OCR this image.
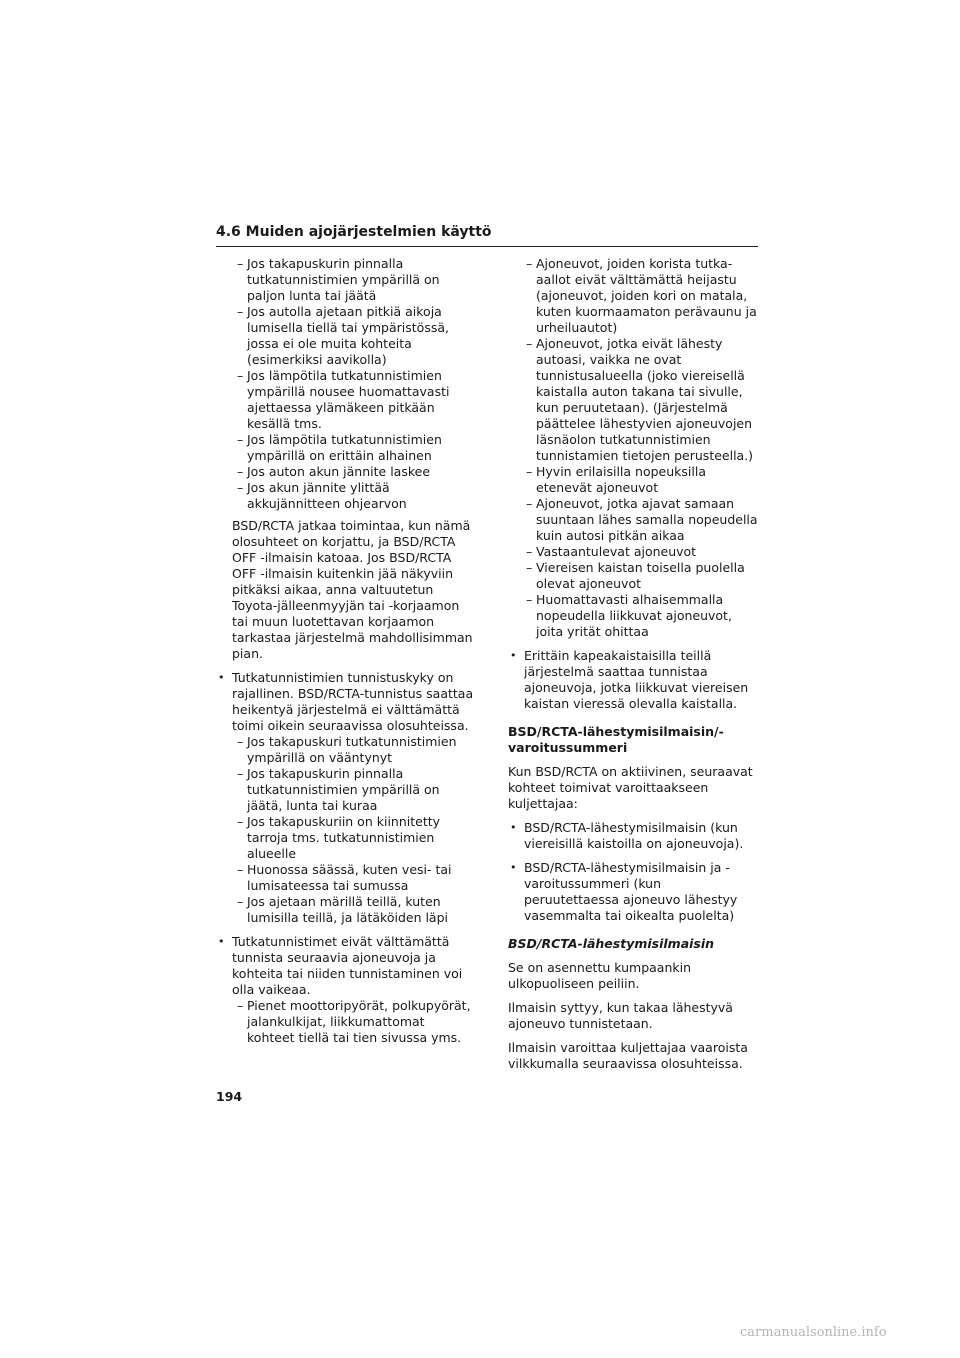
4.6 Muiden ajojärjestelmien käyttö
– Jos takapuskurin pinnalla tutkatunnistimien ympärillä on paljon lunta tai jäätä
– Jos autolla ajetaan pitkiä aikoja lumisella tiellä tai ympäristössä, jossa ei ole muita kohteita (esimerkiksi aavikolla)
– Jos lämpötila tutkatunnistimien ympärillä nousee huomattavasti ajettaessa ylämäkeen pitkään kesällä tms.
– Jos lämpötila tutkatunnistimien ympärillä on erittäin alhainen
– Jos auton akun jännite laskee
– Jos akun jännite ylittää akkujännitteen ohjearvon
BSD/RCTA jatkaa toimintaa, kun nämä olosuhteet on korjattu, ja BSD/RCTA OFF -ilmaisin katoaa. Jos BSD/RCTA OFF -ilmaisin kuitenkin jää näkyviin pitkäksi aikaa, anna valtuutetun Toyota-jälleenmyyjän tai -korjaamon tai muun luotettavan korjaamon tarkastaa järjestelmä mahdollisimman pian.
• Tutkatunnistimien tunnistuskyky on rajallinen. BSD/RCTA-tunnistus saattaa heikentyä järjestelmä ei välttämättä toimi oikein seuraavissa olosuhteissa.
– Jos takapuskuri tutkatunnistimien ympärillä on vääntynyt
– Jos takapuskurin pinnalla tutkatunnistimien ympärillä on jäätä, lunta tai kuraa
– Jos takapuskuriin on kiinnitetty tarroja tms. tutkatunnistimien alueelle
– Huonossa säässä, kuten vesi- tai lumisateessa tai sumussa
– Jos ajetaan märillä teillä, kuten lumisilla teillä, ja lätäköiden läpi
• Tutkatunnistimet eivät välttämättä tunnista seuraavia ajoneuvoja ja kohteita tai niiden tunnistaminen voi olla vaikeaa.
– Pienet moottoripyörät, polkupyörät, jalankulkijat, liikkumattomat kohteet tiellä tai tien sivussa yms.
– Ajoneuvot, joiden korista tutka-aallot eivät välttämättä heijastu (ajoneuvot, joiden kori on matala, kuten kuormaamaton perävaunu ja urheiluautot)
– Ajoneuvot, jotka eivät lähesty autoasi, vaikka ne ovat tunnistusalueella (joko viereisellä kaistalla auton takana tai sivulle, kun peruutetaan). (Järjestelmä päättelee lähestyvien ajoneuvojen läsnäolon tutkatunnistimien tunnistamien tietojen perusteella.)
– Hyvin erilaisilla nopeuksilla etenevät ajoneuvot
– Ajoneuvot, jotka ajavat samaan suuntaan lähes samalla nopeudella kuin autosi pitkän aikaa
– Vastaantulevat ajoneuvot
– Viereisen kaistan toisella puolella olevat ajoneuvot
– Huomattavasti alhaisemmalla nopeudella liikkuvat ajoneuvot, joita yrität ohittaa
• Erittäin kapeakaistaisilla teillä järjestelmä saattaa tunnistaa ajoneuvoja, jotka liikkuvat viereisen kaistan vieressä olevalla kaistalla.
BSD/RCTA-lähestymisilmaisin/-varoitussummeri
Kun BSD/RCTA on aktiivinen, seuraavat kohteet toimivat varoittaakseen kuljettajaa:
• BSD/RCTA-lähestymisilmaisin (kun viereisillä kaistoilla on ajoneuvoja).
• BSD/RCTA-lähestymisilmaisin ja -varoitussummeri (kun peruutettaessa ajoneuvo lähestyy vasemmalta tai oikealta puolelta)
BSD/RCTA-lähestymisilmaisin
Se on asennettu kumpaankin ulkopuoliseen peiliin.
Ilmaisin syttyy, kun takaa lähestyvä ajoneuvo tunnistetaan.
Ilmaisin varoittaa kuljettajaa vaaroista vilkkumalla seuraavissa olosuhteissa.
194
carmanualsonline.info
